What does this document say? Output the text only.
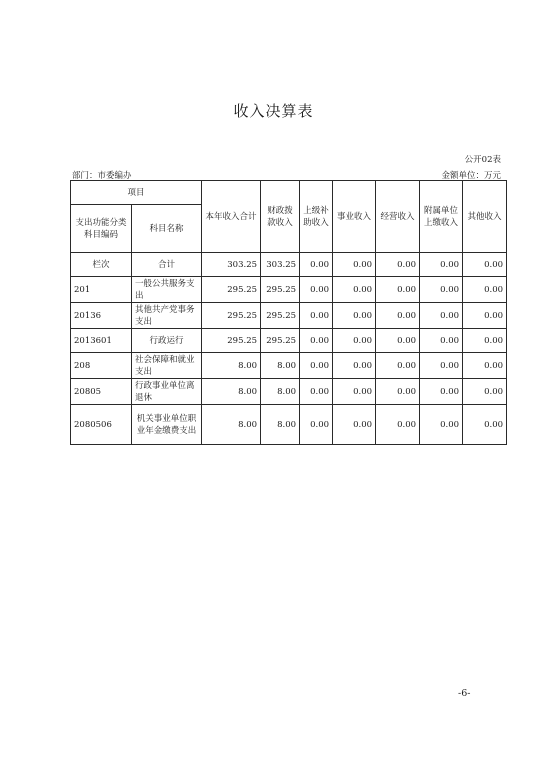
收入决算表
公开02表
部门：市委编办	金额单位：万元
项目		本年收入合计	财政拨款收入	上级补助收入	事业收入	经营收入	附属单位上缴收入	其他收入
支出功能分类科目编码	科目名称							
栏次	合计	303.25	303.25	0.00	0.00	0.00	0.00	0.00
201	一般公共服务支出	295.25	295.25	0.00	0.00	0.00	0.00	0.00
20136	其他共产党事务支出	295.25	295.25	0.00	0.00	0.00	0.00	0.00
2013601	行政运行	295.25	295.25	0.00	0.00	0.00	0.00	0.00
208	社会保障和就业支出	8.00	8.00	0.00	0.00	0.00	0.00	0.00
20805	行政事业单位离退休	8.00	8.00	0.00	0.00	0.00	0.00	0.00
2080506	机关事业单位职业年金缴费支出	8.00	8.00	0.00	0.00	0.00	0.00	0.00
-6-
